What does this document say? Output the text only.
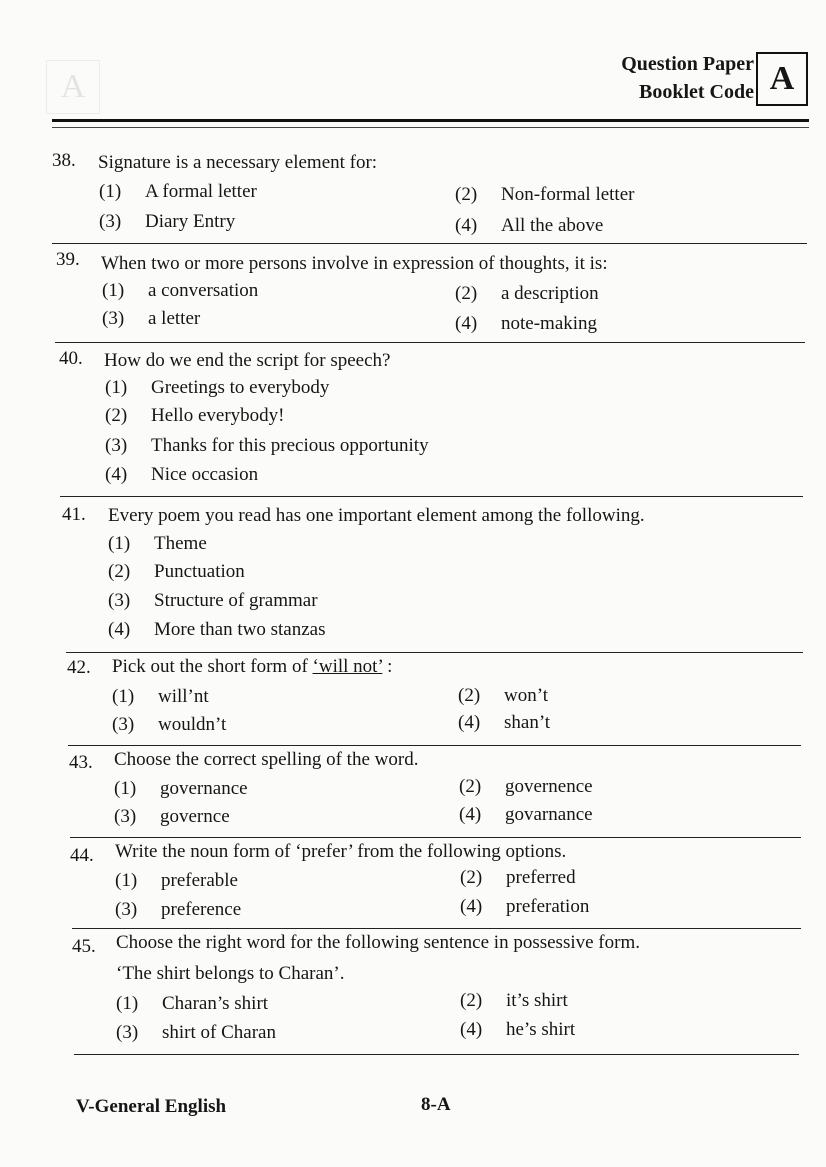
A
Question Paper
Booklet Code A
38. Signature is a necessary element for:
(1) A formal letter	(2) Non-formal letter
(3) Diary Entry	(4) All the above
39. When two or more persons involve in expression of thoughts, it is:
(1) a conversation	(2) a description
(3) a letter	(4) note-making
40. How do we end the script for speech?
(1) Greetings to everybody
(2) Hello everybody!
(3) Thanks for this precious opportunity
(4) Nice occasion
41. Every poem you read has one important element among the following.
(1) Theme
(2) Punctuation
(3) Structure of grammar
(4) More than two stanzas
42. Pick out the short form of ‘will not’ :
(1) will’nt	(2) won’t
(3) wouldn’t	(4) shan’t
43. Choose the correct spelling of the word.
(1) governance	(2) governence
(3) governce	(4) govarnance
44. Write the noun form of ‘prefer’ from the following options.
(1) preferable	(2) preferred
(3) preference	(4) preferation
45. Choose the right word for the following sentence in possessive form.
‘The shirt belongs to Charan’.
(1) Charan’s shirt	(2) it’s shirt
(3) shirt of Charan	(4) he’s shirt
V-General English	8-A
